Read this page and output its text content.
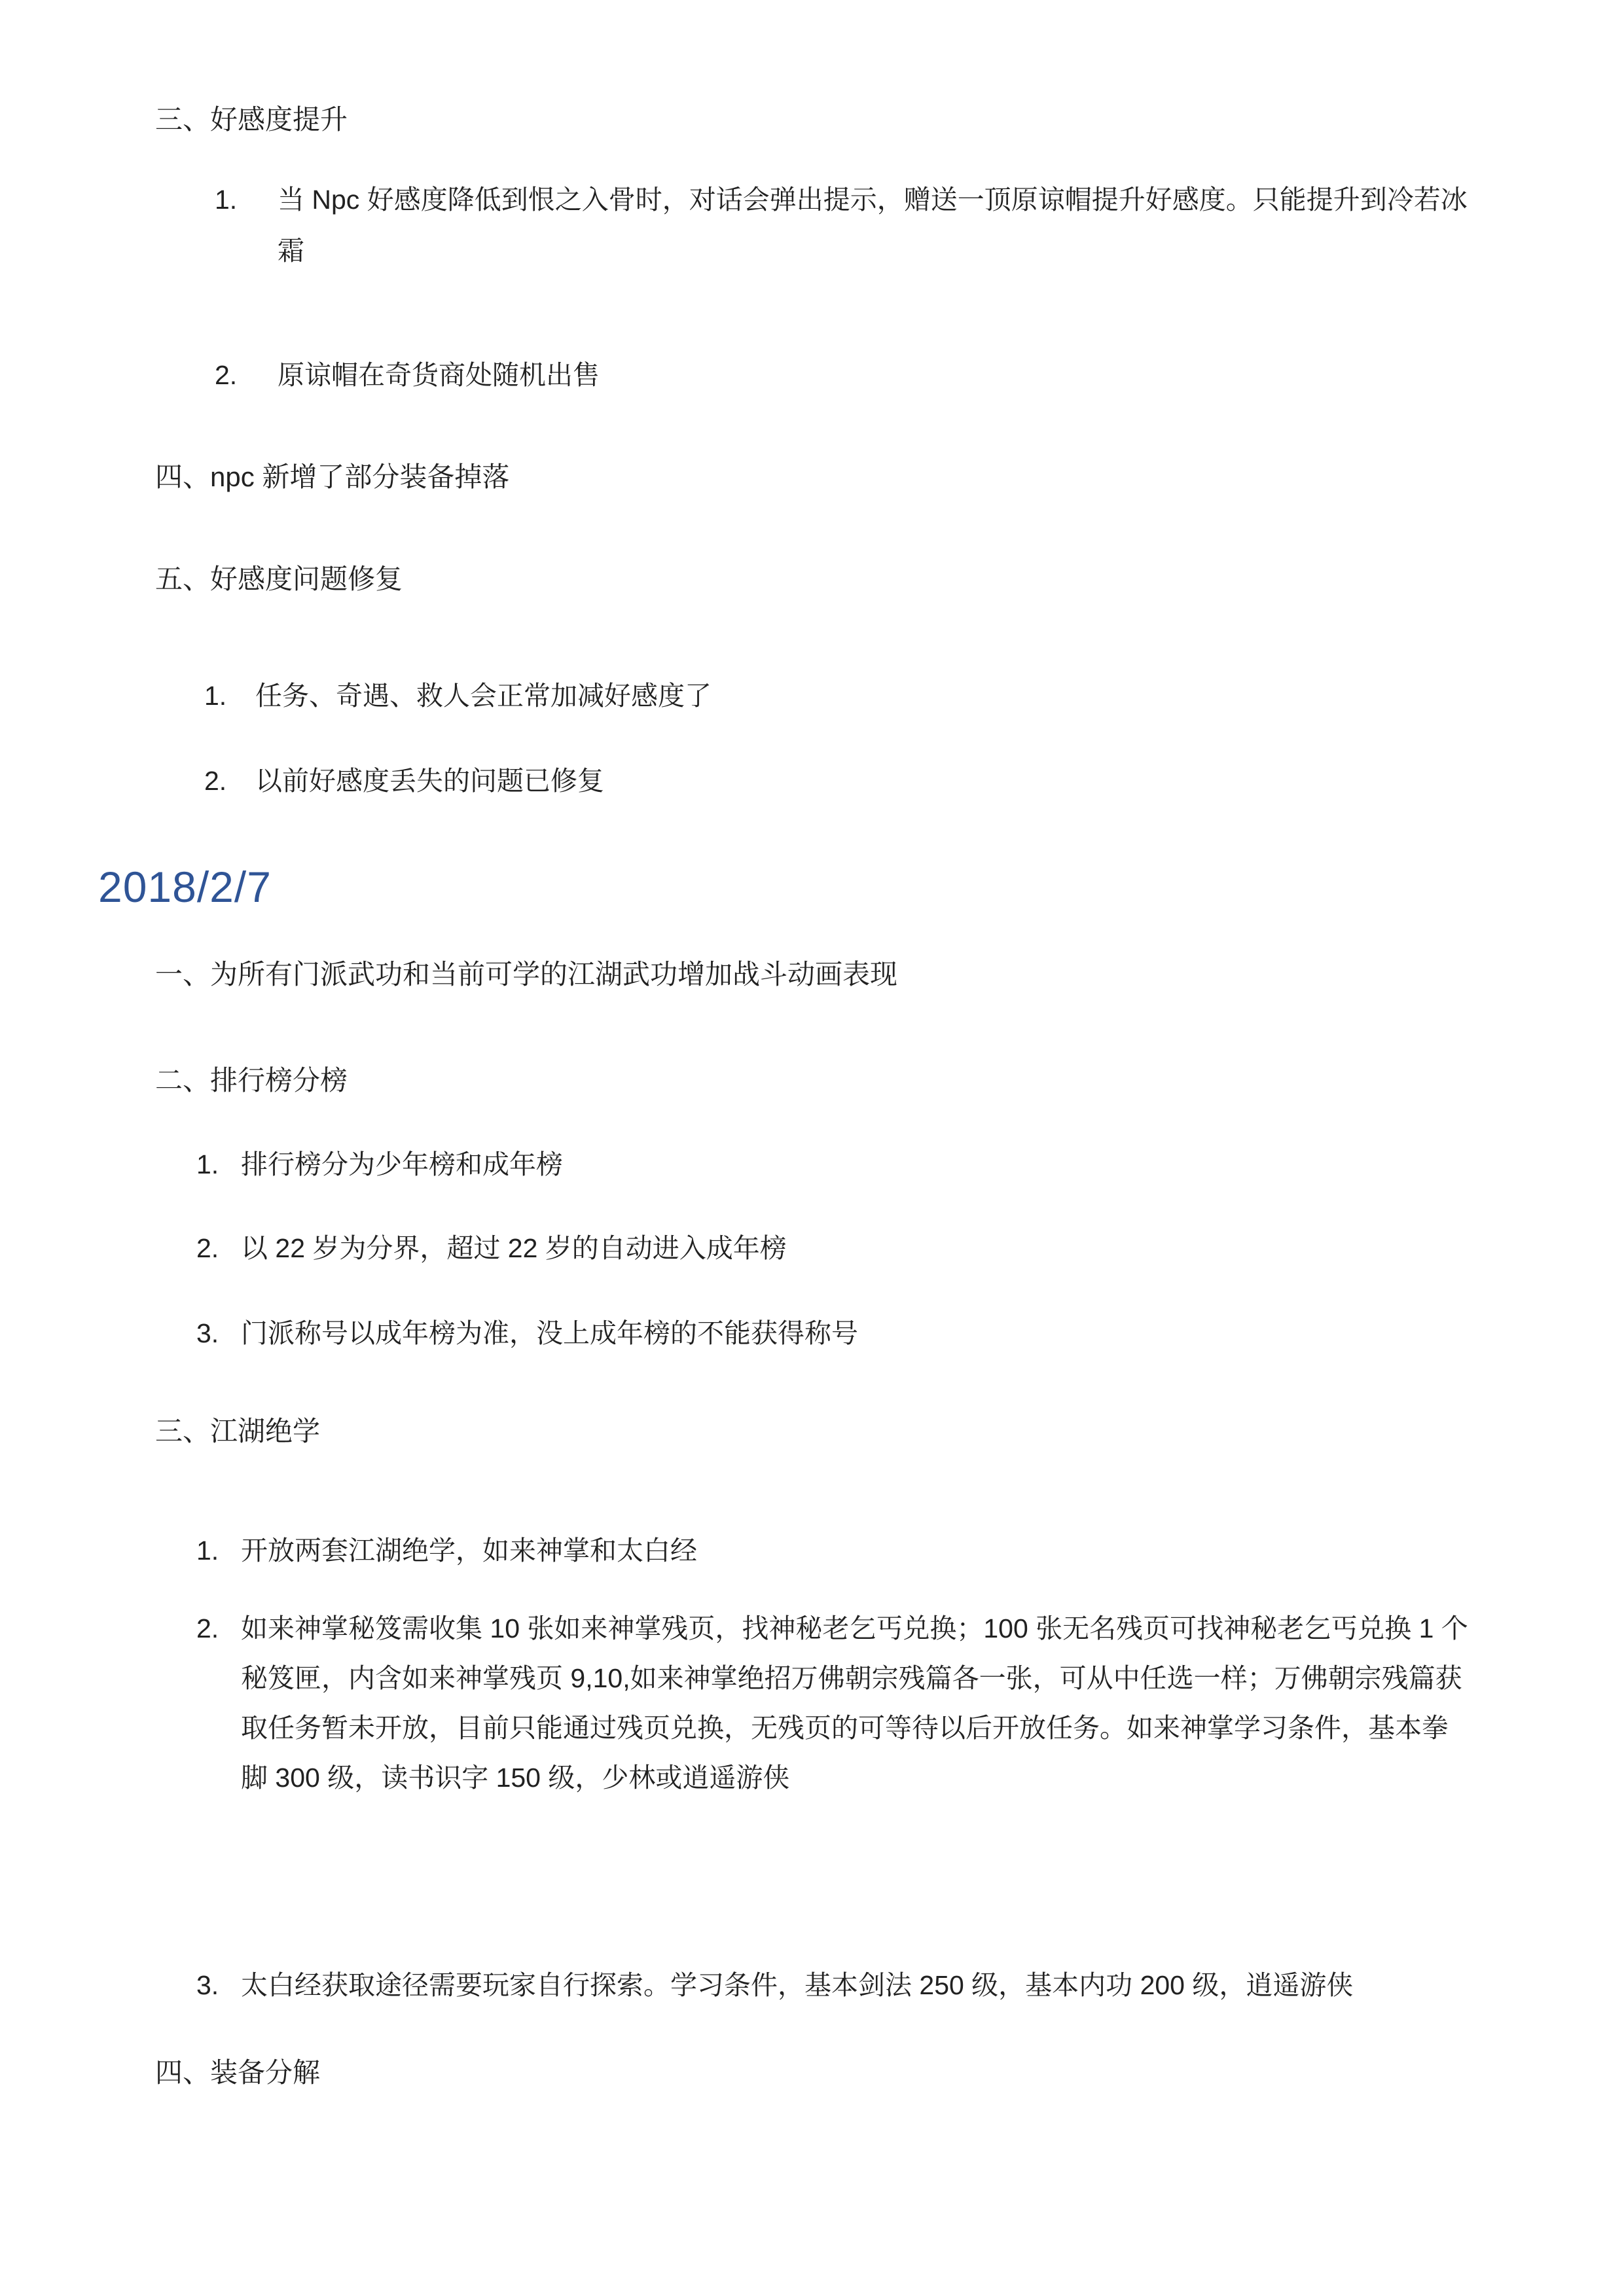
三、好感度提升
1. 当 Npc 好感度降低到恨之入骨时，对话会弹出提示，赠送一顶原谅帽提升好感度。只能提升到冷若冰霜
2. 原谅帽在奇货商处随机出售
四、npc 新增了部分装备掉落
五、好感度问题修复
1. 任务、奇遇、救人会正常加减好感度了
2. 以前好感度丢失的问题已修复
2018/2/7
一、为所有门派武功和当前可学的江湖武功增加战斗动画表现
二、排行榜分榜
1. 排行榜分为少年榜和成年榜
2. 以 22 岁为分界，超过 22 岁的自动进入成年榜
3. 门派称号以成年榜为准，没上成年榜的不能获得称号
三、江湖绝学
1. 开放两套江湖绝学，如来神掌和太白经
2. 如来神掌秘笈需收集 10 张如来神掌残页，找神秘老乞丐兑换；100 张无名残页可找神秘老乞丐兑换 1 个秘笈匣，内含如来神掌残页 9,10,如来神掌绝招万佛朝宗残篇各一张，可从中任选一样；万佛朝宗残篇获取任务暂未开放，目前只能通过残页兑换，无残页的可等待以后开放任务。如来神掌学习条件，基本拳脚 300 级，读书识字 150 级，少林或逍遥游侠
3. 太白经获取途径需要玩家自行探索。学习条件，基本剑法 250 级，基本内功 200 级，逍遥游侠
四、装备分解
